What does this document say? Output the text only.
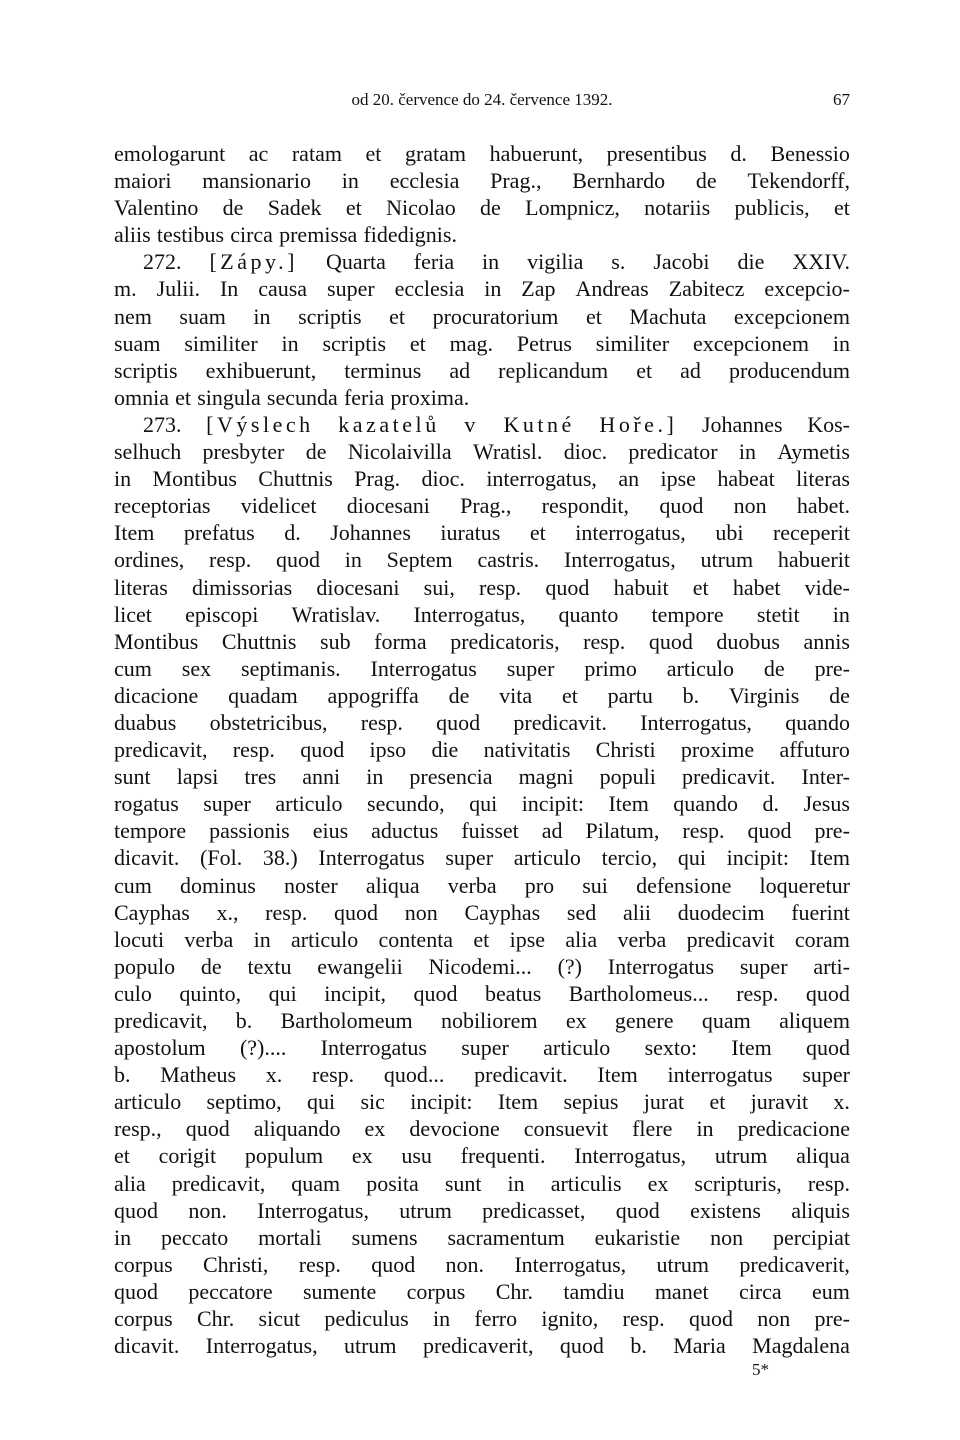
od 20. července do 24. července 1392.	67
emologarunt ac ratam et gratam habuerunt, presentibus d. Benessio
maiori mansionario in ecclesia Prag., Bernhardo de Tekendorff,
Valentino de Sadek et Nicolao de Lompnicz, notariis publicis, et
aliis testibus circa premissa fidedignis.
272. [Zápy.] Quarta feria in vigilia s. Jacobi die XXIV.
m. Julii. In causa super ecclesia in Zap Andreas Zabitecz excepcio-
nem suam in scriptis et procuratorium et Machuta excepcionem
suam similiter in scriptis et mag. Petrus similiter excepcionem in
scriptis exhibuerunt, terminus ad replicandum et ad producendum
omnia et singula secunda feria proxima.
273. [Výslech kazatelů v Kutné Hoře.] Johannes Kos-
selhuch presbyter de Nicolaivilla Wratisl. dioc. predicator in Aymetis
in Montibus Chuttnis Prag. dioc. interrogatus, an ipse habeat literas
receptorias videlicet diocesani Prag., respondit, quod non habet.
Item prefatus d. Johannes iuratus et interrogatus, ubi receperit
ordines, resp. quod in Septem castris. Interrogatus, utrum habuerit
literas dimissorias diocesani sui, resp. quod habuit et habet vide-
licet episcopi Wratislav. Interrogatus, quanto tempore stetit in
Montibus Chuttnis sub forma predicatoris, resp. quod duobus annis
cum sex septimanis. Interrogatus super primo articulo de pre-
dicacione quadam appogriffa de vita et partu b. Virginis de
duabus obstetricibus, resp. quod predicavit. Interrogatus, quando
predicavit, resp. quod ipso die nativitatis Christi proxime affuturo
sunt lapsi tres anni in presencia magni populi predicavit. Inter-
rogatus super articulo secundo, qui incipit: Item quando d. Jesus
tempore passionis eius aductus fuisset ad Pilatum, resp. quod pre-
dicavit. (Fol. 38.) Interrogatus super articulo tercio, qui incipit: Item
cum dominus noster aliqua verba pro sui defensione loqueretur
Cayphas x., resp. quod non Cayphas sed alii duodecim fuerint
locuti verba in articulo contenta et ipse alia verba predicavit coram
populo de textu ewangelii Nicodemi... (?) Interrogatus super arti-
culo quinto, qui incipit, quod beatus Bartholomeus... resp. quod
predicavit, b. Bartholomeum nobiliorem ex genere quam aliquem
apostolum (?).... Interrogatus super articulo sexto: Item quod
b. Matheus x. resp. quod... predicavit. Item interrogatus super
articulo septimo, qui sic incipit: Item sepius jurat et juravit x.
resp., quod aliquando ex devocione consuevit flere in predicacione
et corigit populum ex usu frequenti. Interrogatus, utrum aliqua
alia predicavit, quam posita sunt in articulis ex scripturis, resp.
quod non. Interrogatus, utrum predicasset, quod existens aliquis
in peccato mortali sumens sacramentum eukaristie non percipiat
corpus Christi, resp. quod non. Interrogatus, utrum predicaverit,
quod peccatore sumente corpus Chr. tamdiu manet circa eum
corpus Chr. sicut pediculus in ferro ignito, resp. quod non pre-
dicavit. Interrogatus, utrum predicaverit, quod b. Maria Magdalena
5*
